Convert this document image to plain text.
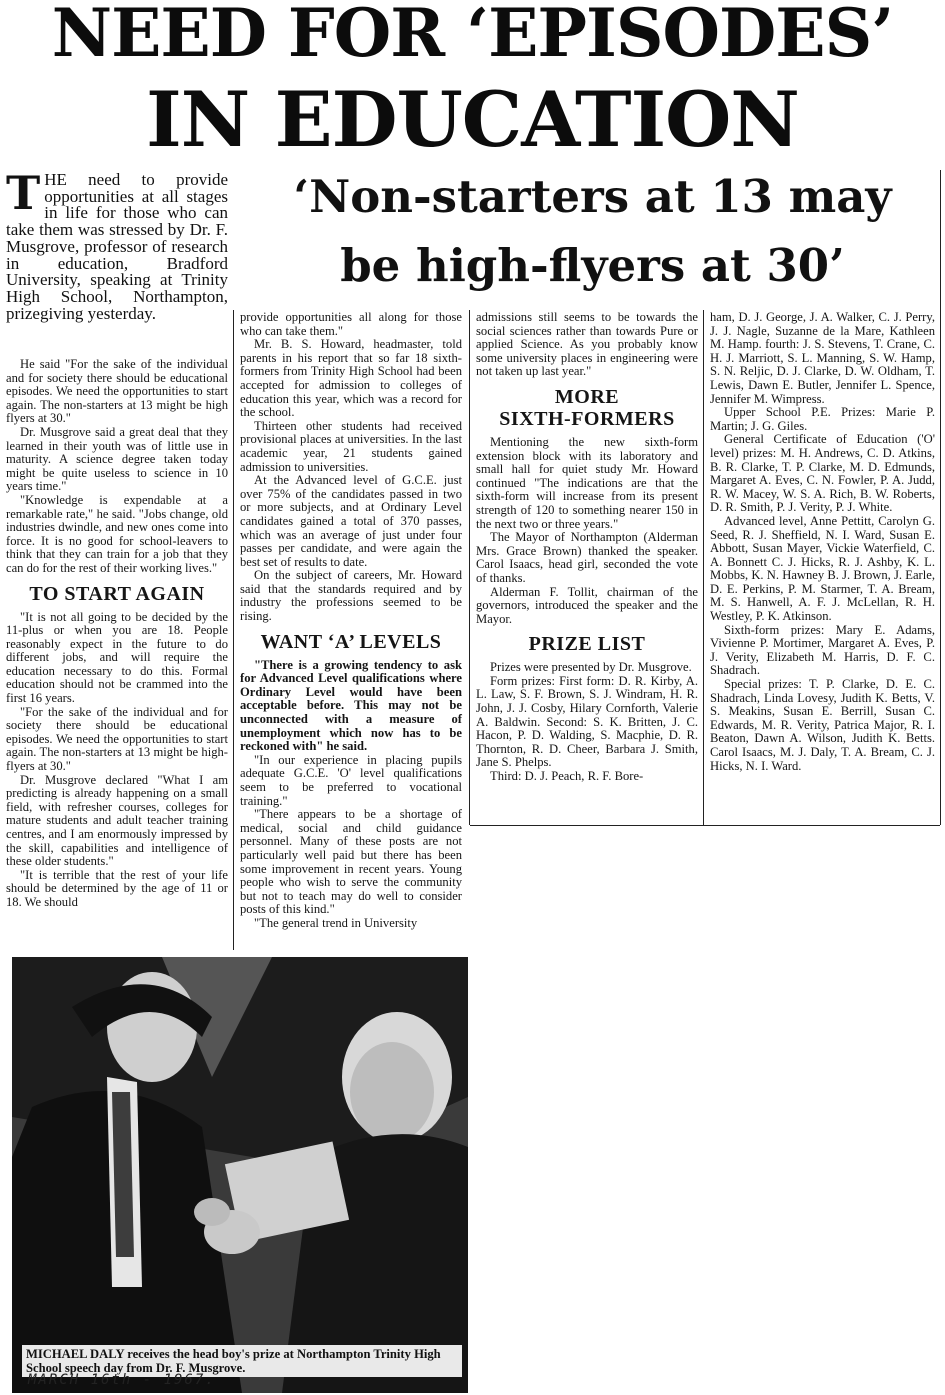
NEED FOR ‘EPISODES’
IN EDUCATION
‘Non-starters at 13 may
be high-flyers at 30’
THE need to provide opportunities at all stages in life for those who can take them was stressed by Dr. F. Musgrove, professor of research in education, Bradford University, speaking at Trinity High School, Northampton, prizegiving yesterday.

He said "For the sake of the individual and for society there should be educational episodes. We need the opportunities to start again. The non-starters at 13 might be high flyers at 30."

Dr. Musgrove said a great deal that they learned in their youth was of little use in maturity. A science degree taken today might be quite useless to science in 10 years time."

"Knowledge is expendable at a remarkable rate," he said. "Jobs change, old industries dwindle, and new ones come into force. It is no good for school-leavers to think that they can train for a job that they can do for the rest of their working lives."

TO START AGAIN

"It is not all going to be decided by the 11-plus or when you are 18. People reasonably expect in the future to do different jobs, and will require the education necessary to do this. Formal education should not be crammed into the first 16 years.

"For the sake of the individual and for society there should be educational episodes. We need the opportunities to start again. The non-starters at 13 might be high-flyers at 30."

Dr. Musgrove declared "What I am predicting is already happening on a small field, with refresher courses, colleges for mature students and adult teacher training centres, and I am enormously impressed by the skill, capabilities and intelligence of these older students."

"It is terrible that the rest of your life should be determined by the age of 11 or 18. We should

provide opportunities all along for those who can take them."

Mr. B. S. Howard, headmaster, told parents in his report that so far 18 sixth-formers from Trinity High School had been accepted for admission to colleges of education this year, which was a record for the school.

Thirteen other students had received provisional places at universities. In the last academic year, 21 students gained admission to universities.

At the Advanced level of G.C.E. just over 75% of the candidates passed in two or more subjects, and at Ordinary Level candidates gained a total of 370 passes, which was an average of just under four passes per candidate, and were again the best set of results to date.

On the subject of careers, Mr. Howard said that the standards required and by industry the professions seemed to be rising.

WANT ‘A’ LEVELS

"There is a growing tendency to ask for Advanced Level qualifications where Ordinary Level would have been acceptable before. This may not be unconnected with a measure of unemployment which now has to be reckoned with" he said.

"In our experience in placing pupils adequate G.C.E. 'O' level qualifications seem to be preferred to vocational training."

"There appears to be a shortage of medical, social and child guidance personnel. Many of these posts are not particularly well paid but there has been some improvement in recent years. Young people who wish to serve the community but not to teach may do well to consider posts of this kind."

"The general trend in University

admissions still seems to be towards the social sciences rather than towards Pure or applied Science. As you probably know some university places in engineering were not taken up last year."

MORE
SIXTH-FORMERS

Mentioning the new sixth-form extension block with its laboratory and small hall for quiet study Mr. Howard continued "The indications are that the sixth-form will increase from its present strength of 120 to something nearer 150 in the next two or three years."

The Mayor of Northampton (Alderman Mrs. Grace Brown) thanked the speaker. Carol Isaacs, head girl, seconded the vote of thanks.

Alderman F. Tollit, chairman of the governors, introduced the speaker and the Mayor.

PRIZE LIST

Prizes were presented by Dr. Musgrove.

Form prizes: First form: D. R. Kirby, A. L. Law, S. F. Brown, S. J. Windram, H. R. John, J. J. Cosby, Hilary Cornforth, Valerie A. Baldwin. Second: S. K. Britten, J. C. Hacon, P. D. Walding, S. Macphie, D. R. Thornton, R. D. Cheer, Barbara J. Smith, Jane S. Phelps.

Third: D. J. Peach, R. F. Bore-

ham, D. J. George, J. A. Walker, C. J. Perry, J. J. Nagle, Suzanne de la Mare, Kathleen M. Hamp. fourth: J. S. Stevens, T. Crane, C. H. J. Marriott, S. L. Manning, S. W. Hamp, S. N. Reljic, D. J. Clarke, D. W. Oldham, T. Lewis, Dawn E. Butler, Jennifer L. Spence, Jennifer M. Wimpress.

Upper School P.E. Prizes: Marie P. Martin; J. G. Giles.

General Certificate of Education ('O' level) prizes: M. H. Andrews, C. D. Atkins, B. R. Clarke, T. P. Clarke, M. D. Edmunds, Margaret A. Eves, C. N. Fowler, P. A. Judd, R. W. Macey, W. S. A. Rich, B. W. Roberts, D. R. Smith, P. J. Verity, P. J. White.

Advanced level, Anne Pettitt, Carolyn G. Seed, R. J. Sheffield, N. I. Ward, Susan E. Abbott, Susan Mayer, Vickie Waterfield, C. A. Bonnett C. J. Hicks, R. J. Ashby, K. L. Mobbs, K. N. Hawney B. J. Brown, J. Earle, D. E. Perkins, P. M. Starmer, T. A. Bream, M. S. Hanwell, A. F. J. McLellan, R. H. Westley, P. K. Atkinson.

Sixth-form prizes: Mary E. Adams, Vivienne P. Mortimer, Margaret A. Eves, P. J. Verity, Elizabeth M. Harris, D. F. C. Shadrach.

Special prizes: T. P. Clarke, D. E. C. Shadrach, Linda Lovesy, Judith K. Betts, V. S. Meakins, Susan E. Berrill, Susan C. Edwards, M. R. Verity, Patrica Major, R. I. Beaton, Dawn A. Wilson, Judith K. Betts. Carol Isaacs, M. J. Daly, T. A. Bream, C. J. Hicks, N. I. Ward.

MICHAEL DALY receives the head boy's prize at Northampton Trinity High School speech day from Dr. F. Musgrove.
MARCH 16th - 1967.
